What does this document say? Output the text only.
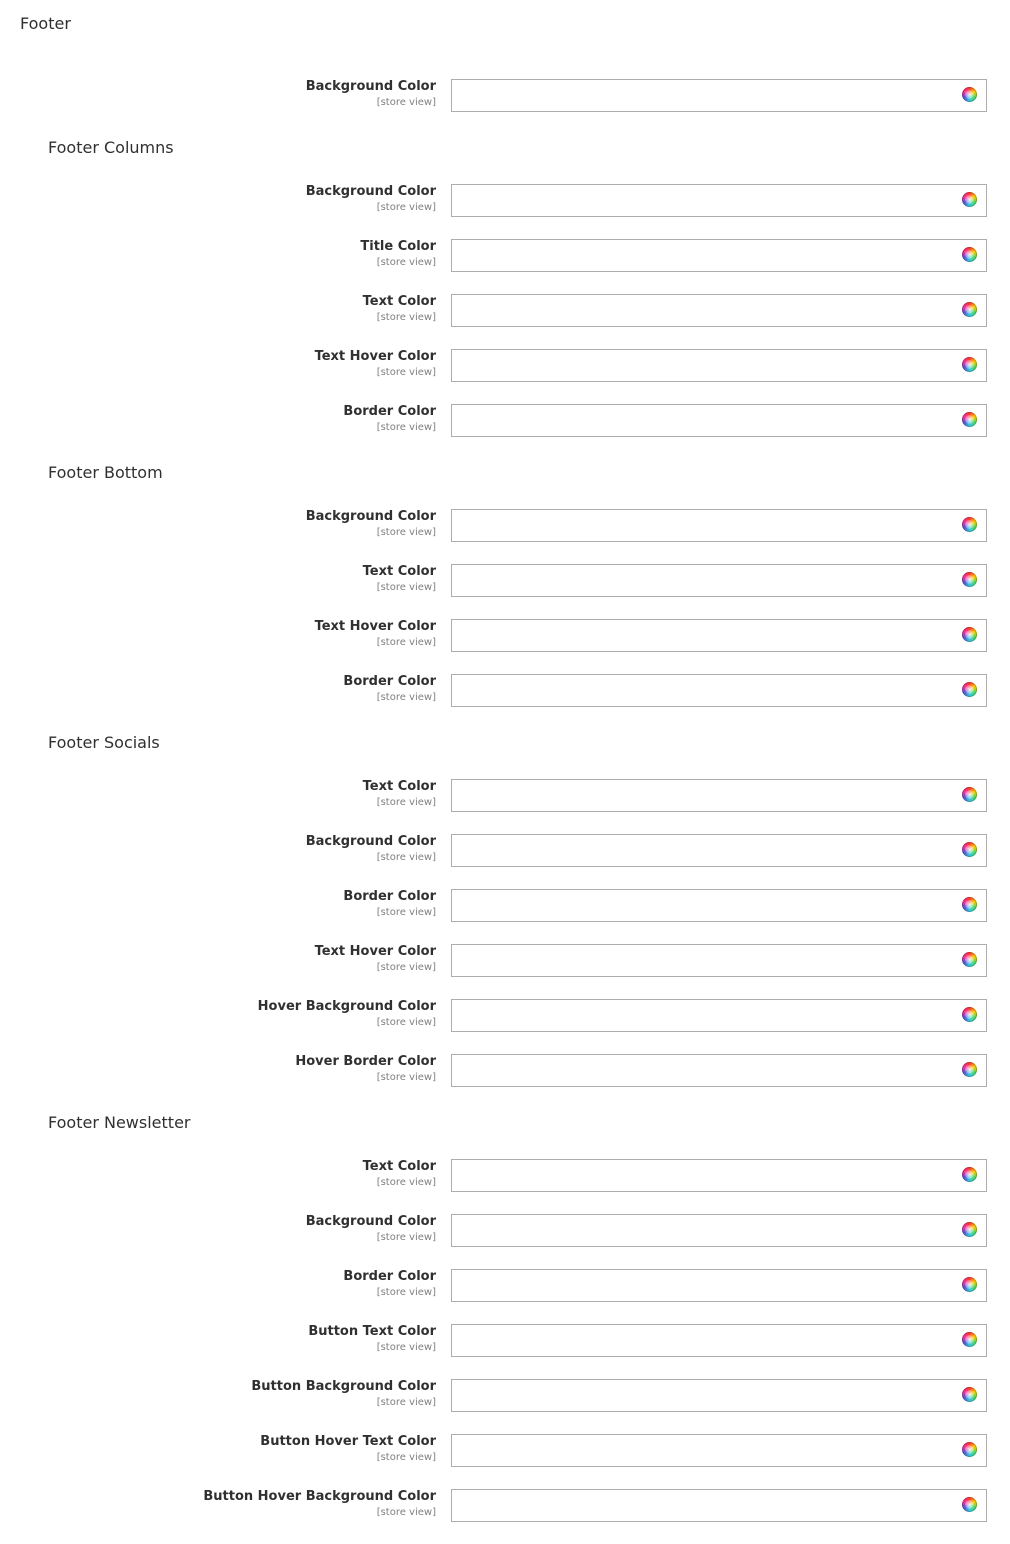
Footer
Background Color
[store view]
Footer Columns
Background Color
[store view]
Title Color
[store view]
Text Color
[store view]
Text Hover Color
[store view]
Border Color
[store view]
Footer Bottom
Background Color
[store view]
Text Color
[store view]
Text Hover Color
[store view]
Border Color
[store view]
Footer Socials
Text Color
[store view]
Background Color
[store view]
Border Color
[store view]
Text Hover Color
[store view]
Hover Background Color
[store view]
Hover Border Color
[store view]
Footer Newsletter
Text Color
[store view]
Background Color
[store view]
Border Color
[store view]
Button Text Color
[store view]
Button Background Color
[store view]
Button Hover Text Color
[store view]
Button Hover Background Color
[store view]
